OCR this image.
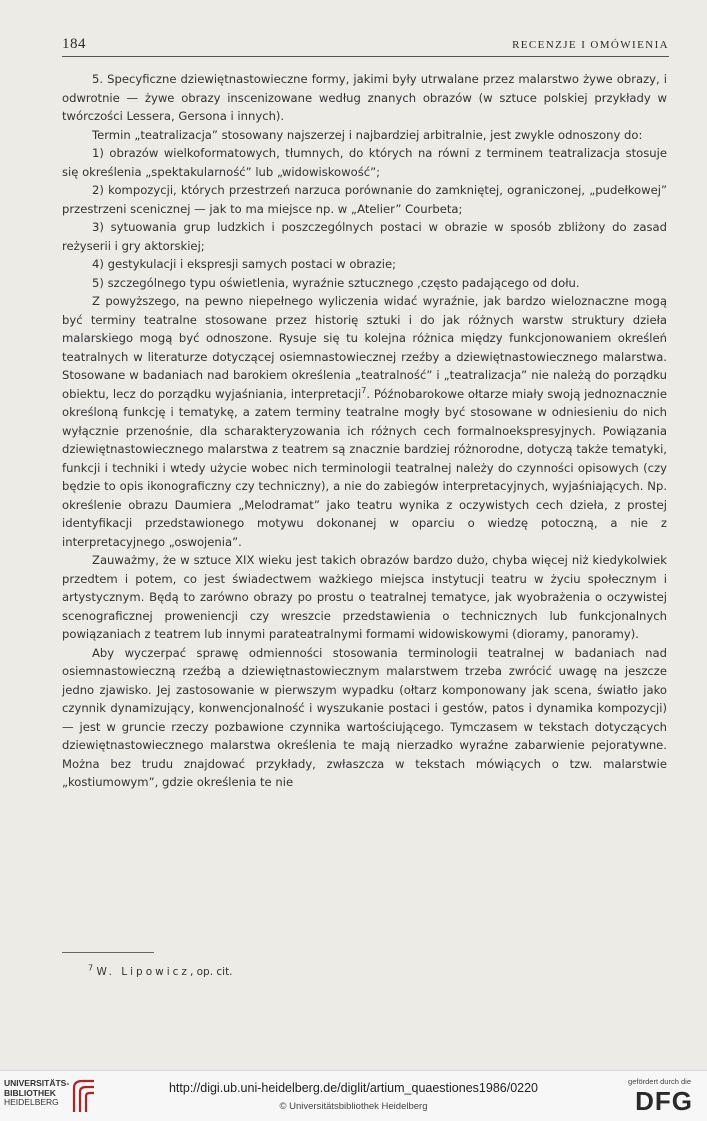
184	RECENZJE I OMÓWIENIA

5. Specyficzne dziewiętnastowieczne formy, jakimi były utrwalane przez malarstwo żywe obrazy, i odwrotnie — żywe obrazy inscenizowane według znanych obrazów (w sztuce polskiej przykłady w twórczości Lessera, Gersona i innych).

Termin „teatralizacja” stosowany najszerzej i najbardziej arbitralnie, jest zwykle odnoszony do:

1) obrazów wielkoformatowych, tłumnych, do których na równi z terminem teatralizacja stosuje się określenia „spektakularność” lub „widowiskowość”;

2) kompozycji, których przestrzeń narzuca porównanie do zamkniętej, ograniczonej, „pudełkowej” przestrzeni scenicznej — jak to ma miejsce np. w „Atelier” Courbeta;

3) sytuowania grup ludzkich i poszczególnych postaci w obrazie w sposób zbliżony do zasad reżyserii i gry aktorskiej;

4) gestykulacji i ekspresji samych postaci w obrazie;

5) szczególnego typu oświetlenia, wyraźnie sztucznego ,często padającego od dołu.

Z powyższego, na pewno niepełnego wyliczenia widać wyraźnie, jak bardzo wieloznaczne mogą być terminy teatralne stosowane przez historię sztuki i do jak różnych warstw struktury dzieła malarskiego mogą być odnoszone. Rysuje się tu kolejna różnica między funkcjonowaniem określeń teatralnych w literaturze dotyczącej osiemnastowiecznej rzeźby a dziewiętnastowiecznego malarstwa. Stosowane w badaniach nad barokiem określenia „teatralność” i „teatralizacja” nie należą do porządku obiektu, lecz do porządku wyjaśniania, interpretacji$^7$. Późnobarokowe ołtarze miały swoją jednoznacznie określoną funkcję i tematykę, a zatem terminy teatralne mogły być stosowane w odniesieniu do nich wyłącznie przenośnie, dla scharakteryzowania ich różnych cech formalnoekspresyjnych. Powiązania dziewiętnastowiecznego malarstwa z teatrem są znacznie bardziej różnorodne, dotyczą także tematyki, funkcji i techniki i wtedy użycie wobec nich terminologii teatralnej należy do czynności opisowych (czy będzie to opis ikonograficzny czy techniczny), a nie do zabiegów interpretacyjnych, wyjaśniających. Np. określenie obrazu Daumiera „Melodramat” jako teatru wynika z oczywistych cech dzieła, z prostej identyfikacji przedstawionego motywu dokonanej w oparciu o wiedzę potoczną, a nie z interpretacyjnego „oswojenia”.

Zauważmy, że w sztuce XIX wieku jest takich obrazów bardzo dużo, chyba więcej niż kiedykolwiek przedtem i potem, co jest świadectwem ważkiego miejsca instytucji teatru w życiu społecznym i artystycznym. Będą to zarówno obrazy po prostu o teatralnej tematyce, jak wyobrażenia o oczywistej scenograficznej proweniencji czy wreszcie przedstawienia o technicznych lub funkcjonalnych powiązaniach z teatrem lub innymi parateatralnymi formami widowiskowymi (dioramy, panoramy).

Aby wyczerpać sprawę odmienności stosowania terminologii teatralnej w badaniach nad osiemnastowieczną rzeźbą a dziewiętnastowiecznym malarstwem trzeba zwrócić uwagę na jeszcze jedno zjawisko. Jej zastosowanie w pierwszym wypadku (ołtarz komponowany jak scena, światło jako czynnik dynamizujący, konwencjonalność i wyszukanie postaci i gestów, patos i dynamika kompozycji) — jest w gruncie rzeczy pozbawione czynnika wartościującego. Tymczasem w tekstach dotyczących dziewiętnastowiecznego malarstwa określenia te mają nierzadko wyraźne zabarwienie pejoratywne. Można bez trudu znajdować przykłady, zwłaszcza w tekstach mówiących o tzw. malarstwie „kostiumowym”, gdzie określenia te nie

$^7$ W. Lipowicz, op. cit.
UNIVERSITÄTS-
BIBLIOTHEK
HEIDELBERG
http://digi.ub.uni-heidelberg.de/diglit/artium_quaestiones1986/0220
© Universitätsbibliothek Heidelberg
gefördert durch die
DFG
